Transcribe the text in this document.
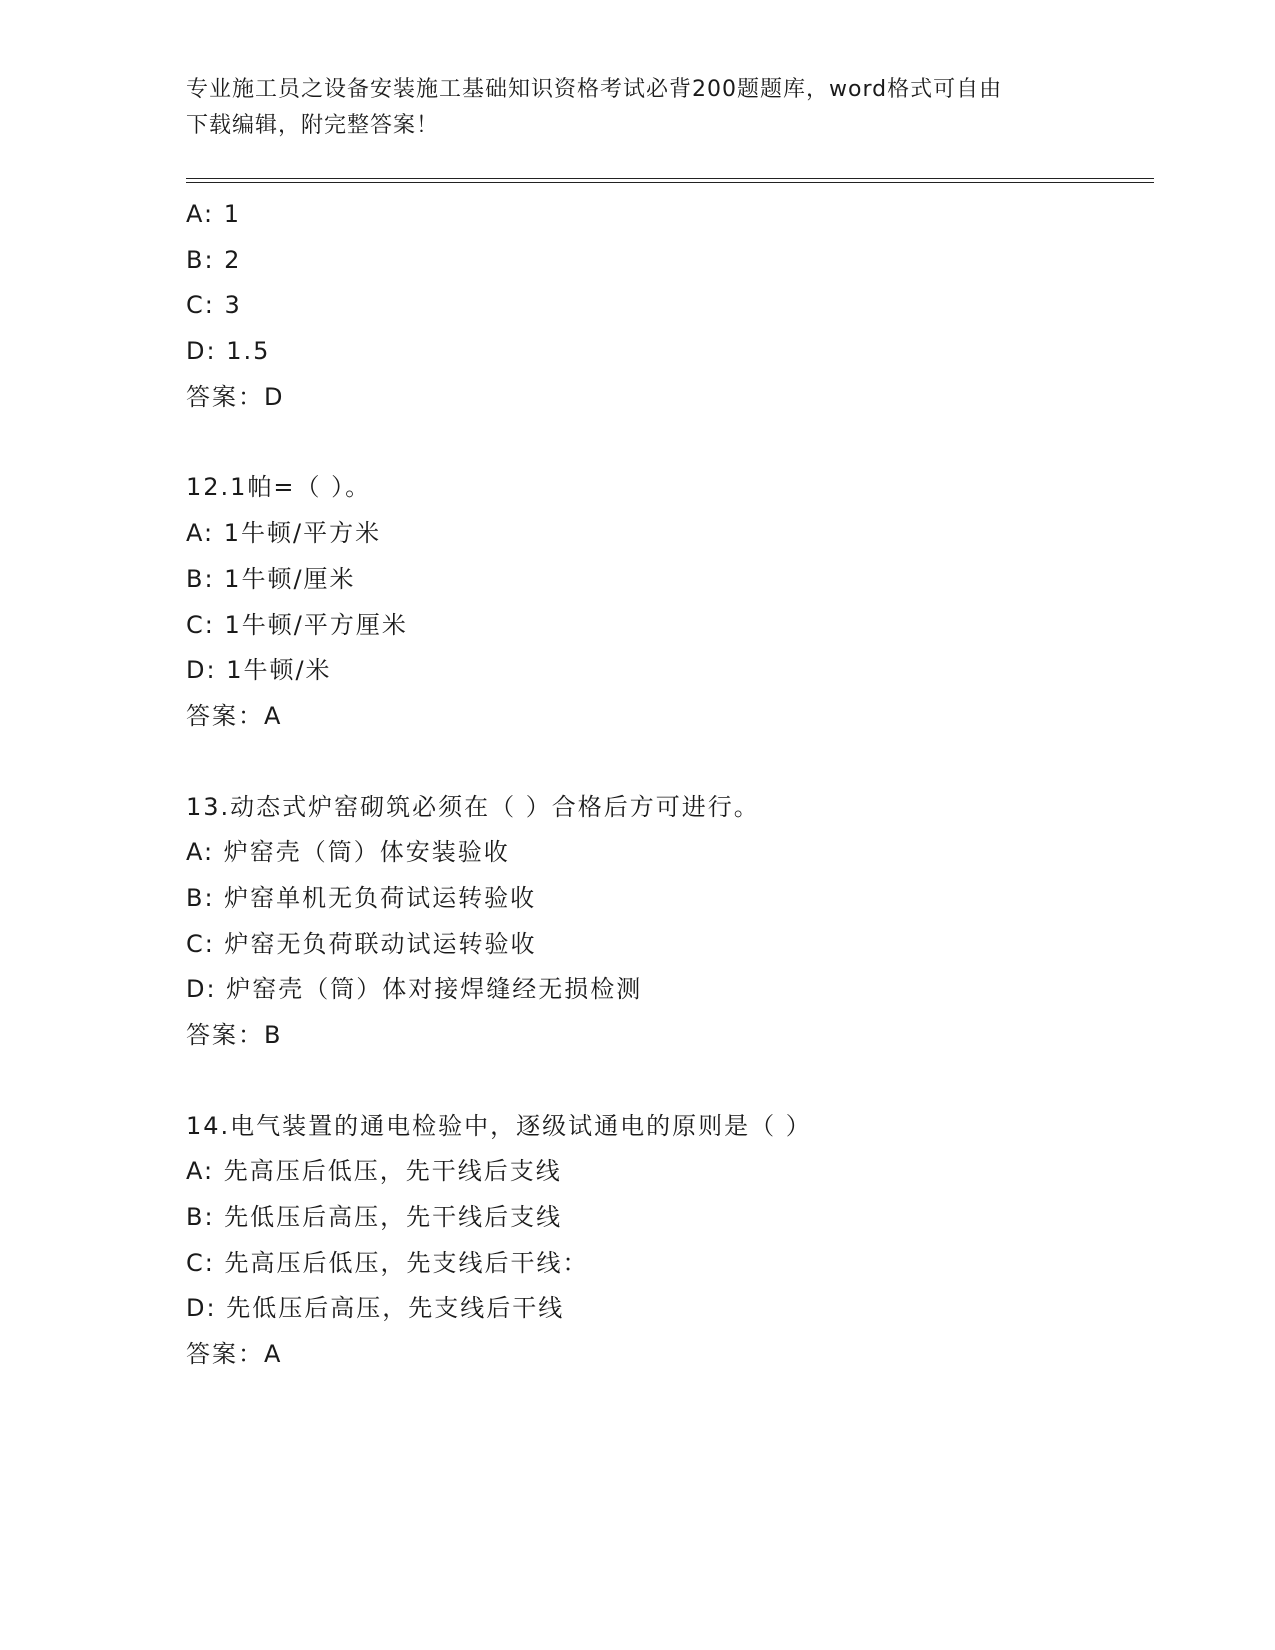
专业施工员之设备安装施工基础知识资格考试必背200题题库，word格式可自由
下载编辑，附完整答案！
A: 1
B: 2
C: 3
D: 1.5
答案：D
12.1帕=（ ）。
A: 1牛顿/平方米
B: 1牛顿/厘米
C: 1牛顿/平方厘米
D: 1牛顿/米
答案：A
13.动态式炉窑砌筑必须在（ ）合格后方可进行。
A: 炉窑壳（筒）体安装验收
B: 炉窑单机无负荷试运转验收
C: 炉窑无负荷联动试运转验收
D: 炉窑壳（筒）体对接焊缝经无损检测
答案：B
14.电气装置的通电检验中，逐级试通电的原则是（ ）
A: 先高压后低压，先干线后支线
B: 先低压后高压，先干线后支线
C: 先高压后低压，先支线后干线：
D: 先低压后高压，先支线后干线
答案：A
